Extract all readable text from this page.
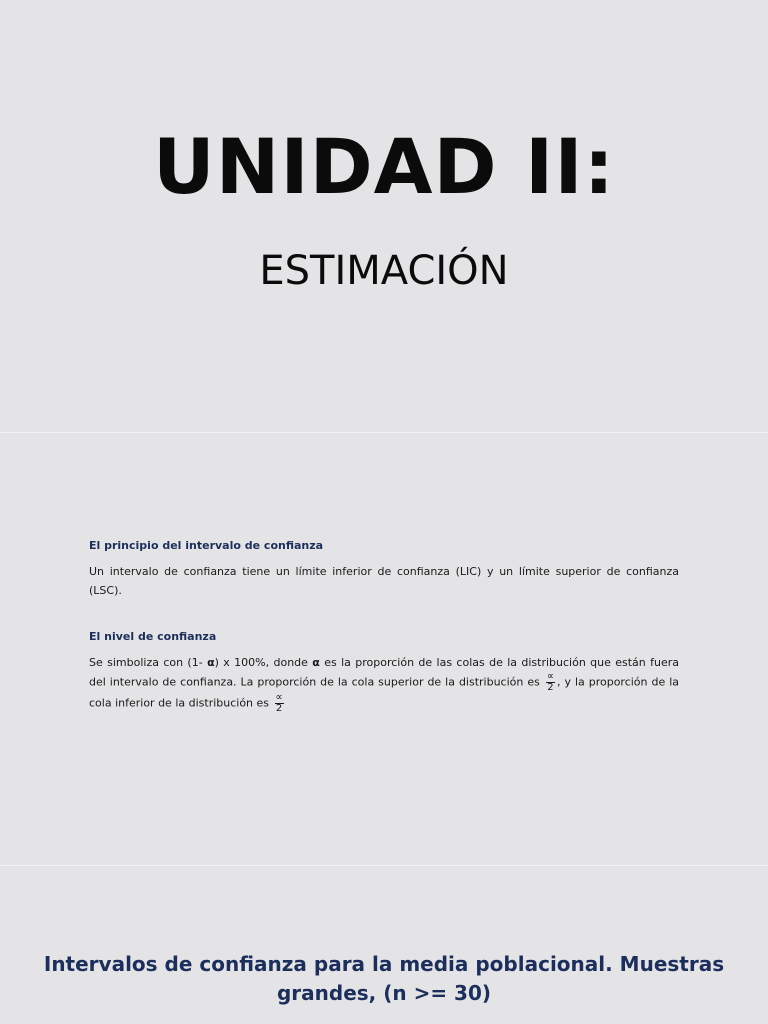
UNIDAD II:
ESTIMACIÓN
El principio del intervalo de confianza

Un intervalo de confianza tiene un límite inferior de confianza (LIC) y un límite superior de confianza (LSC).

El nivel de confianza

Se simboliza con (1- α) x 100%, donde α es la proporción de las colas de la distribución que están fuera del intervalo de confianza. La proporción de la cola superior de la distribución es $\frac{\propto}{2}$ , y la proporción de la cola inferior de la distribución es $\frac{\propto}{2}$

Intervalos de confianza para la media poblacional. Muestras grandes, (n >= 30)
